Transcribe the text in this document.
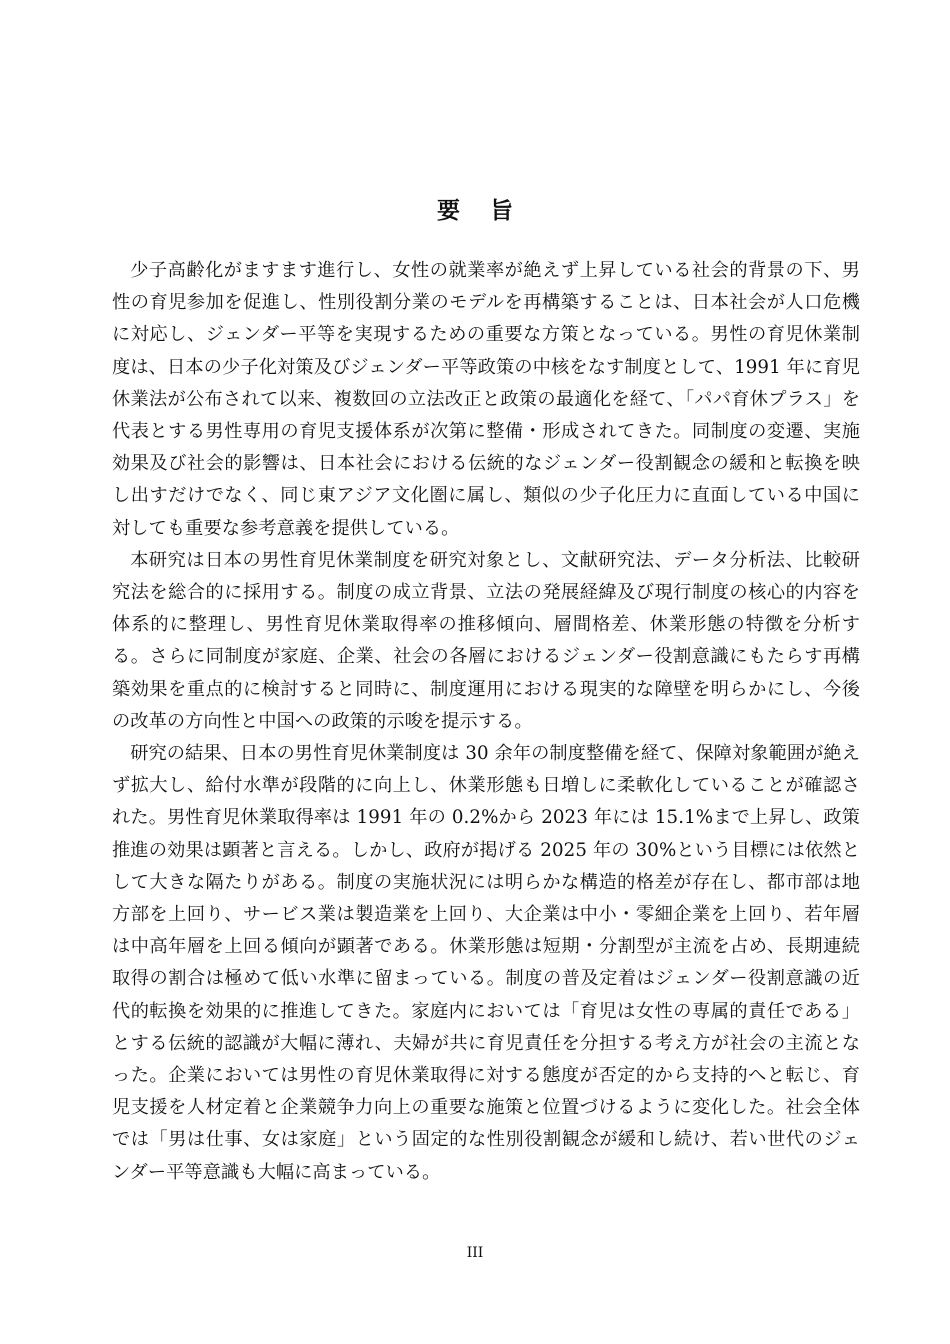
要旨

少子高齢化がますます進行し、女性の就業率が絶えず上昇している社会的背景の下、男性の育児参加を促進し、性別役割分業のモデルを再構築することは、日本社会が人口危機に対応し、ジェンダー平等を実現するための重要な方策となっている。男性の育児休業制度は、日本の少子化対策及びジェンダー平等政策の中核をなす制度として、1991 年に育児休業法が公布されて以来、複数回の立法改正と政策の最適化を経て、「パパ育休プラス」を代表とする男性専用の育児支援体系が次第に整備・形成されてきた。同制度の変遷、実施効果及び社会的影響は、日本社会における伝統的なジェンダー役割観念の緩和と転換を映し出すだけでなく、同じ東アジア文化圏に属し、類似の少子化圧力に直面している中国に対しても重要な参考意義を提供している。

本研究は日本の男性育児休業制度を研究対象とし、文献研究法、データ分析法、比較研究法を総合的に採用する。制度の成立背景、立法の発展経緯及び現行制度の核心的内容を体系的に整理し、男性育児休業取得率の推移傾向、層間格差、休業形態の特徴を分析する。さらに同制度が家庭、企業、社会の各層におけるジェンダー役割意識にもたらす再構築効果を重点的に検討すると同時に、制度運用における現実的な障壁を明らかにし、今後の改革の方向性と中国への政策的示唆を提示する。

研究の結果、日本の男性育児休業制度は 30 余年の制度整備を経て、保障対象範囲が絶えず拡大し、給付水準が段階的に向上し、休業形態も日増しに柔軟化していることが確認された。男性育児休業取得率は 1991 年の 0.2%から 2023 年には 15.1%まで上昇し、政策推進の効果は顕著と言える。しかし、政府が掲げる 2025 年の 30%という目標には依然として大きな隔たりがある。制度の実施状況には明らかな構造的格差が存在し、都市部は地方部を上回り、サービス業は製造業を上回り、大企業は中小・零細企業を上回り、若年層は中高年層を上回る傾向が顕著である。休業形態は短期・分割型が主流を占め、長期連続取得の割合は極めて低い水準に留まっている。制度の普及定着はジェンダー役割意識の近代的転換を効果的に推進してきた。家庭内においては「育児は女性の専属的責任である」とする伝統的認識が大幅に薄れ、夫婦が共に育児責任を分担する考え方が社会の主流となった。企業においては男性の育児休業取得に対する態度が否定的から支持的へと転じ、育児支援を人材定着と企業競争力向上の重要な施策と位置づけるように変化した。社会全体では「男は仕事、女は家庭」という固定的な性別役割観念が緩和し続け、若い世代のジェンダー平等意識も大幅に高まっている。

III
